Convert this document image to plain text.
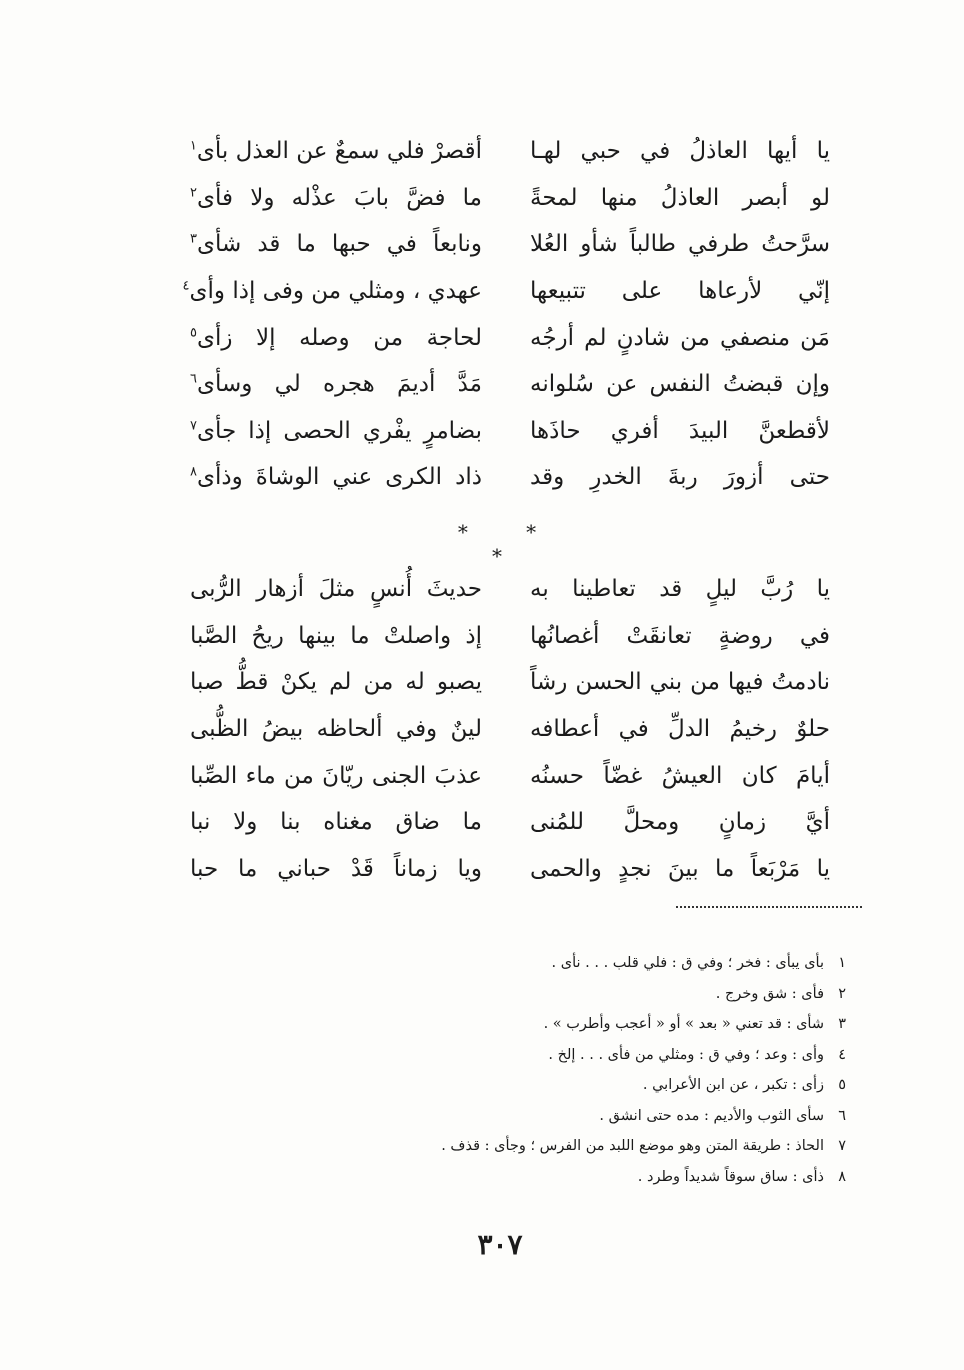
يا أيها العاذلُ في حبي لهـا
أقصرْ فلي سمعٌ عن العذل بأى$^١$
لو أبصر العاذلُ منها لمحةً
ما فضَّ بابَ عذْله ولا فأى$^٢$
سرَّحتُ طرفي طالباً شأو العُلا
ونابعاً في حبها ما قد شأى$^٣$
إنّي لأرعاها على تتبيعها
عهدي ، ومثلي من وفى إذا وأى$^٤$
مَن منصفي من شادنٍ لم أرجُه
لحاجة من وصله إلا زأى$^٥$
وإن قبضتُ النفس عن سُلوانه
مَدَّ أديمَ هجره لي وسأى$^٦$
لأقطعنَّ البيدَ أفري حاذَها
بضامرٍ يفْري الحصى إذا جأى$^٧$
حتى أزورَ ربةَ الخدرِ وقد
ذاد الكرى عني الوشاةَ وذأى$^٨$
* * *
يا رُبَّ ليلٍ قد تعاطينا به
حديثَ أُنسٍ مثلَ أزهار الرُّبى
في روضةٍ تعانقَتْ أغصانُها
إذ واصلتْ ما بينها ريحُ الصَّبا
نادمتُ فيها من بني الحسن رشاً
يصبو له من لم يكنْ قطُّ صبا
حلوٌ رخيمُ الدلِّ في أعطافه
لينٌ وفي ألحاظه بيضُ الظُّبى
أيامَ كان العيشُ غضّاً حسنُه
عذبَ الجنى ريّانَ من ماء الصِّبا
أيَّ زمانٍ ومحلَّ للمُنى
ما ضاق مغناه بنا ولا نبا
يا مَرْبَعاً ما بينَ نجدٍ والحمى
ويا زماناً قَدْ حباني ما حبا
١بأى يبأى : فخر ؛ وفي ق : فلي قلب . . . نأى .
٢فأى : شق وخرج .
٣شأى : قد تعني « بعد » أو « أعجب وأطرب » .
٤وأى : وعد ؛ وفي ق : ومثلي من فأى . . . إلخ .
٥زأى : تكبر ، عن ابن الأعرابي .
٦سأى الثوب والأديم : مده حتى انشق .
٧الحاذ : طريقة المتن وهو موضع اللبد من الفرس ؛ وجأى : قذف .
٨ذأى : ساق سوقاً شديداً وطرد .
٣٠٧
